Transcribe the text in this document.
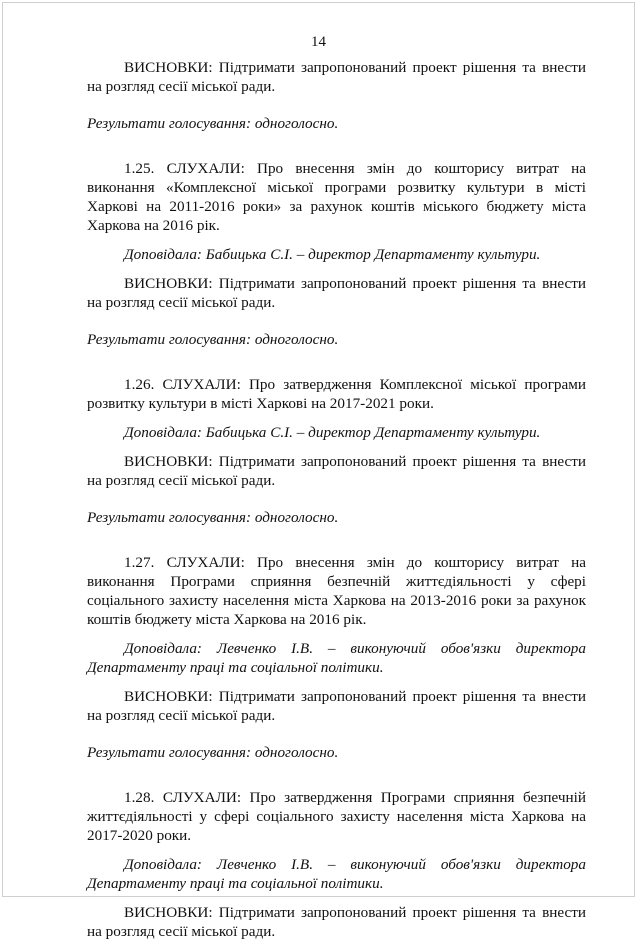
14

ВИСНОВКИ: Підтримати запропонований проект рішення та внести на розгляд сесії міської ради.

Результати голосування: одноголосно.

1.25. СЛУХАЛИ: Про внесення змін до кошторису витрат на виконання «Комплексної міської програми розвитку культури в місті Харкові на 2011-2016 роки» за рахунок коштів міського бюджету міста Харкова на 2016 рік.

Доповідала: Бабицька С.І. – директор Департаменту культури.

ВИСНОВКИ: Підтримати запропонований проект рішення та внести на розгляд сесії міської ради.

Результати голосування: одноголосно.

1.26. СЛУХАЛИ: Про затвердження Комплексної міської програми розвитку культури в місті Харкові на 2017-2021 роки.

Доповідала: Бабицька С.І. – директор Департаменту культури.

ВИСНОВКИ: Підтримати запропонований проект рішення та внести на розгляд сесії міської ради.

Результати голосування: одноголосно.

1.27. СЛУХАЛИ: Про внесення змін до кошторису витрат на виконання Програми сприяння безпечній життєдіяльності у сфері соціального захисту населення міста Харкова на 2013-2016 роки за рахунок коштів бюджету міста Харкова на 2016 рік.

Доповідала: Левченко І.В. – виконуючий обов'язки директора Департаменту праці та соціальної політики.

ВИСНОВКИ: Підтримати запропонований проект рішення та внести на розгляд сесії міської ради.

Результати голосування: одноголосно.

1.28. СЛУХАЛИ: Про затвердження Програми сприяння безпечній життєдіяльності у сфері соціального захисту населення міста Харкова на 2017-2020 роки.

Доповідала: Левченко І.В. – виконуючий обов'язки директора Департаменту праці та соціальної політики.

ВИСНОВКИ: Підтримати запропонований проект рішення та внести на розгляд сесії міської ради.
